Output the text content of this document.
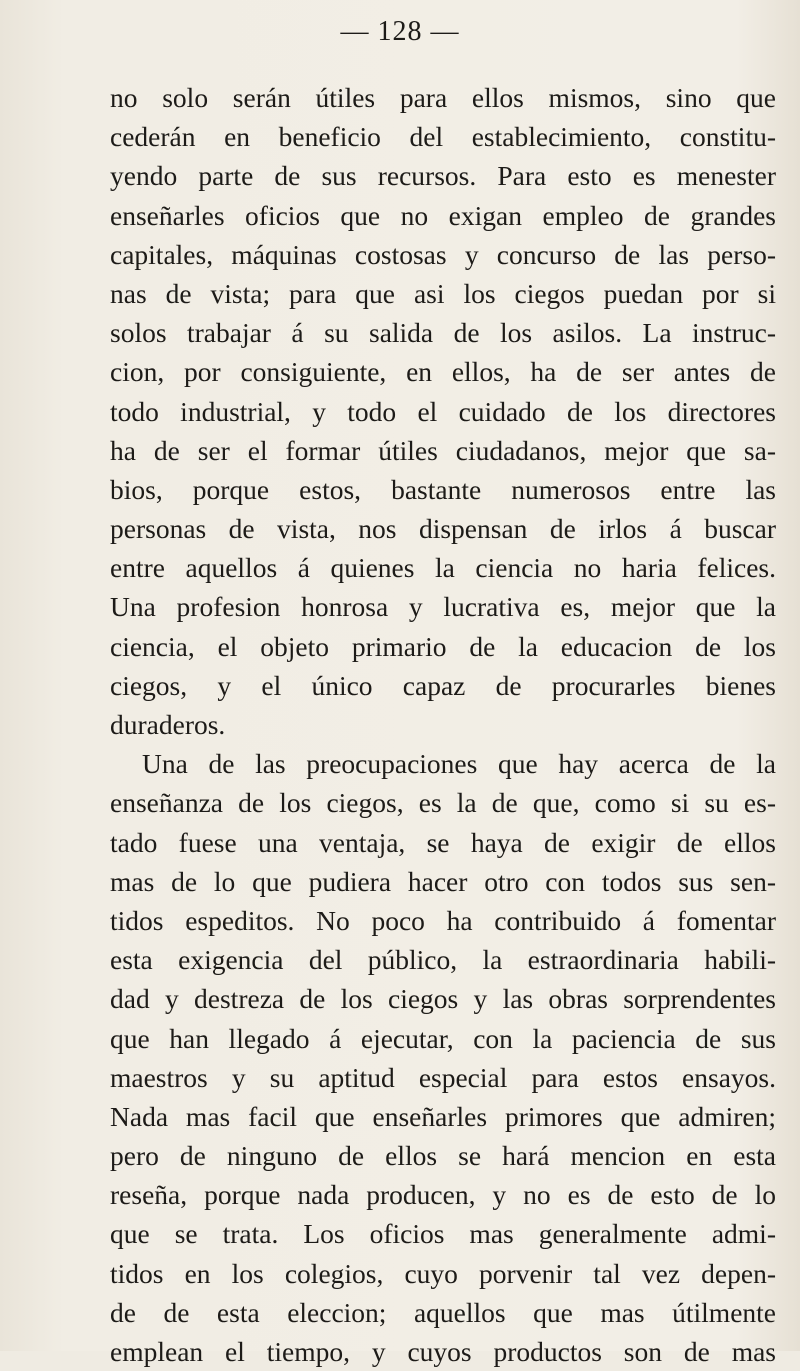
— 128 —
no solo serán útiles para ellos mismos, sino que
cederán en beneficio del establecimiento, constitu-
yendo parte de sus recursos. Para esto es menester
enseñarles oficios que no exigan empleo de grandes
capitales, máquinas costosas y concurso de las perso-
nas de vista; para que asi los ciegos puedan por si
solos trabajar á su salida de los asilos. La instruc-
cion, por consiguiente, en ellos, ha de ser antes de
todo industrial, y todo el cuidado de los directores
ha de ser el formar útiles ciudadanos, mejor que sa-
bios, porque estos, bastante numerosos entre las
personas de vista, nos dispensan de irlos á buscar
entre aquellos á quienes la ciencia no haria felices.
Una profesion honrosa y lucrativa es, mejor que la
ciencia, el objeto primario de la educacion de los
ciegos, y el único capaz de procurarles bienes
duraderos.
Una de las preocupaciones que hay acerca de la
enseñanza de los ciegos, es la de que, como si su es-
tado fuese una ventaja, se haya de exigir de ellos
mas de lo que pudiera hacer otro con todos sus sen-
tidos espeditos. No poco ha contribuido á fomentar
esta exigencia del público, la estraordinaria habili-
dad y destreza de los ciegos y las obras sorprendentes
que han llegado á ejecutar, con la paciencia de sus
maestros y su aptitud especial para estos ensayos.
Nada mas facil que enseñarles primores que admiren;
pero de ninguno de ellos se hará mencion en esta
reseña, porque nada producen, y no es de esto de lo
que se trata. Los oficios mas generalmente admi-
tidos en los colegios, cuyo porvenir tal vez depen-
de de esta eleccion; aquellos que mas útilmente
emplean el tiempo, y cuyos productos son de mas
